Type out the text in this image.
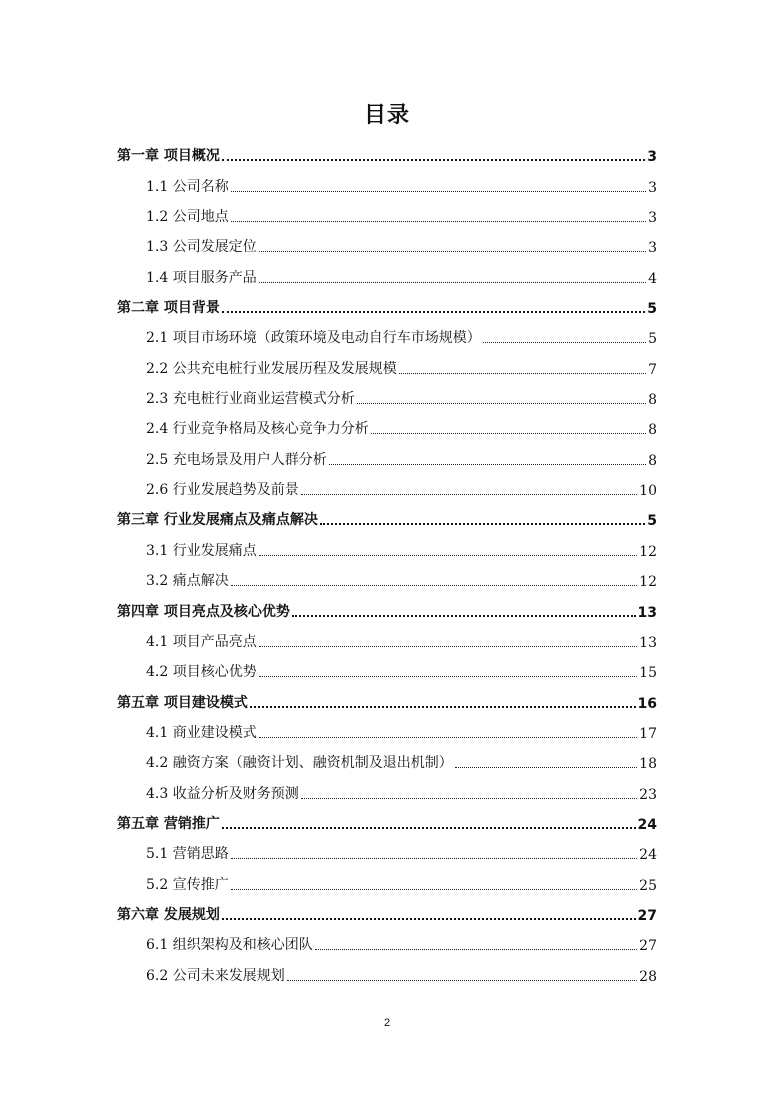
目录
第一章 项目概况	3
1.1 公司名称	3
1.2 公司地点	3
1.3 公司发展定位	3
1.4 项目服务产品	4
第二章 项目背景	5
2.1 项目市场环境（政策环境及电动自行车市场规模）	5
2.2 公共充电桩行业发展历程及发展规模	7
2.3 充电桩行业商业运营模式分析	8
2.4 行业竞争格局及核心竞争力分析	8
2.5 充电场景及用户人群分析	8
2.6 行业发展趋势及前景	10
第三章 行业发展痛点及痛点解决	5
3.1 行业发展痛点	12
3.2 痛点解决	12
第四章 项目亮点及核心优势	13
4.1 项目产品亮点	13
4.2 项目核心优势	15
第五章 项目建设模式	16
4.1 商业建设模式	17
4.2 融资方案（融资计划、融资机制及退出机制）	18
4.3 收益分析及财务预测	23
第五章 营销推广	24
5.1 营销思路	24
5.2 宣传推广	25
第六章 发展规划	27
6.1 组织架构及和核心团队	27
6.2 公司未来发展规划	28
2
